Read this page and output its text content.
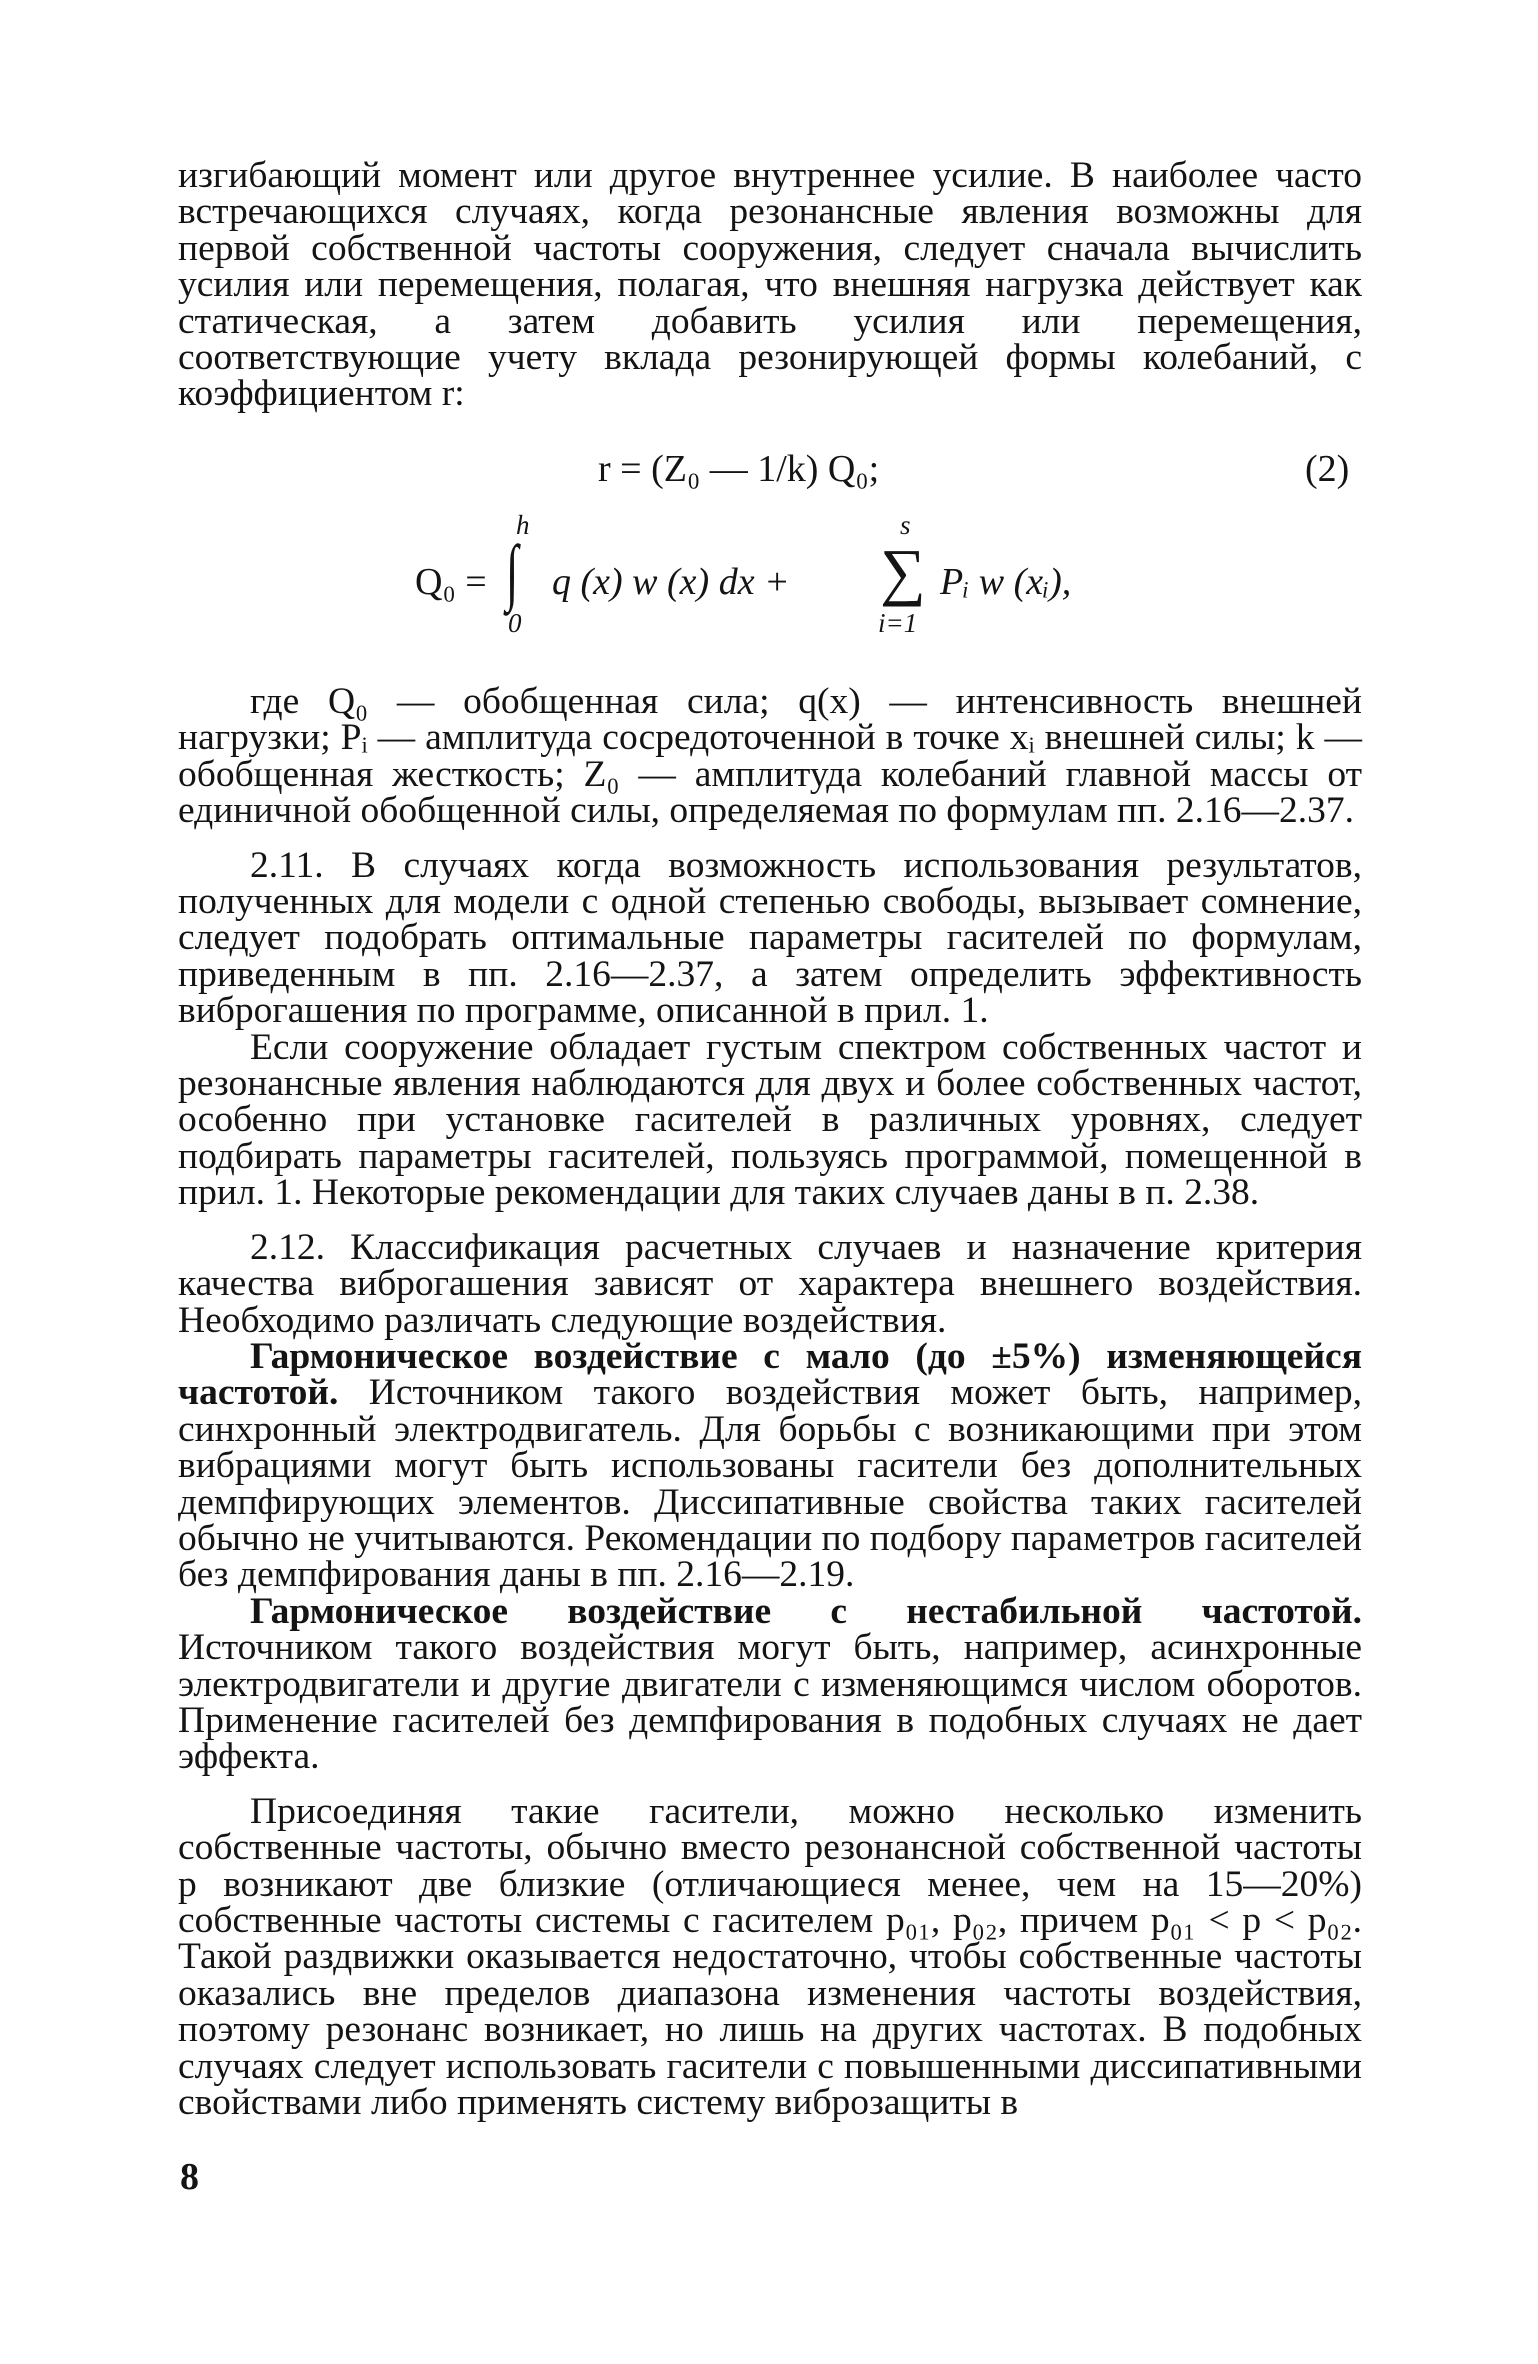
изгибающий момент или другое внутреннее усилие. В наиболее часто встречающихся случаях, когда резонансные явления возможны для первой собственной частоты сооружения, следует сначала вычислить усилия или перемещения, полагая, что внешняя нагрузка действует как статическая, а затем добавить усилия или перемещения, соответствующие учету вклада резонирующей формы колебаний, с коэффициентом r:

r = (Z₀ — 1/k) Q₀;	(2)
Q₀ =
h
∫
0
q (x) w (x) dx +
s
∑
i=1
Pᵢ w (xᵢ),

где Q₀ — обобщенная сила; q(x) — интенсивность внешней нагрузки; Pᵢ — амплитуда сосредоточенной в точке xᵢ внешней силы; k — обобщенная жесткость; Z₀ — амплитуда колебаний главной массы от единичной обобщенной силы, определяемая по формулам пп. 2.16—2.37.

2.11. В случаях когда возможность использования результатов, полученных для модели с одной степенью свободы, вызывает сомнение, следует подобрать оптимальные параметры гасителей по формулам, приведенным в пп. 2.16—2.37, а затем определить эффективность виброгашения по программе, описанной в прил. 1.

Если сооружение обладает густым спектром собственных частот и резонансные явления наблюдаются для двух и более собственных частот, особенно при установке гасителей в различных уровнях, следует подбирать параметры гасителей, пользуясь программой, помещенной в прил. 1. Некоторые рекомендации для таких случаев даны в п. 2.38.

2.12. Классификация расчетных случаев и назначение критерия качества виброгашения зависят от характера внешнего воздействия. Необходимо различать следующие воздействия.

Гармоническое воздействие с мало (до ±5%) изменяющейся частотой. Источником такого воздействия может быть, например, синхронный электродвигатель. Для борьбы с возникающими при этом вибрациями могут быть использованы гасители без дополнительных демпфирующих элементов. Диссипативные свойства таких гасителей обычно не учитываются. Рекомендации по подбору параметров гасителей без демпфирования даны в пп. 2.16—2.19.

Гармоническое воздействие с нестабильной частотой. Источником такого воздействия могут быть, например, асинхронные электродвигатели и другие двигатели с изменяющимся числом оборотов. Применение гасителей без демпфирования в подобных случаях не дает эффекта.

Присоединяя такие гасители, можно несколько изменить собственные частоты, обычно вместо резонансной собственной частоты p возникают две близкие (отличающиеся менее, чем на 15—20%) собственные частоты системы с гасителем p₀₁, p₀₂, причем p₀₁ < p < p₀₂. Такой раздвижки оказывается недостаточно, чтобы собственные частоты оказались вне пределов диапазона изменения частоты воздействия, поэтому резонанс возникает, но лишь на других частотах. В подобных случаях следует использовать гасители с повышенными диссипативными свойствами либо применять систему виброзащиты в

8
